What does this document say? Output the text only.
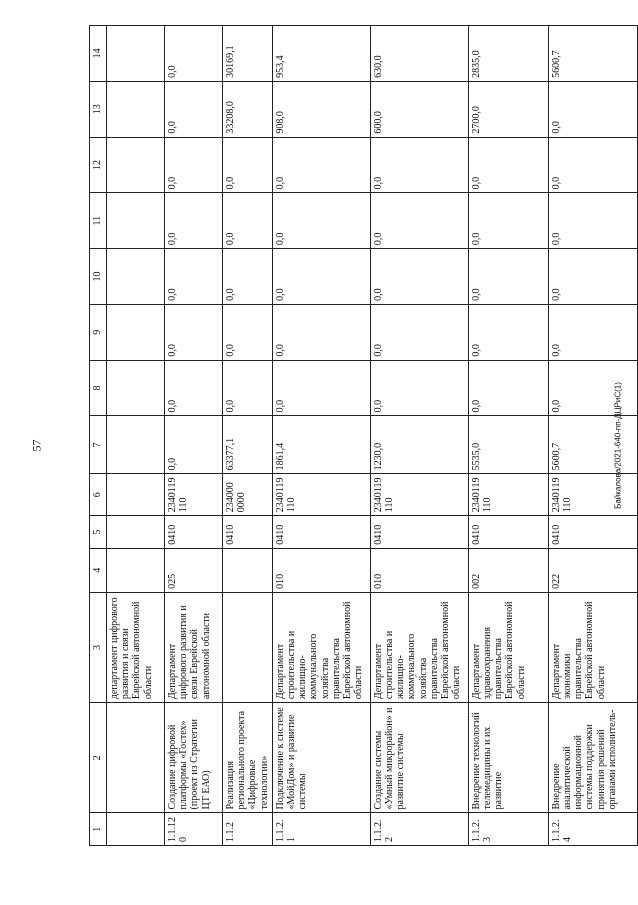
57	Байкалова/2021-640-пп-ДЦРиС(1)
1	2	3	4	5	6	7	8	9	10	11	12	13	14
		департамент цифрового развития и связи Еврейской автономной области											
1.1.120	Создание цифровой платформы «Гостех» (проект из Стратегии ЦТ ЕАО)	Департамент цифрового развития и связи Еврейской автономной области	025	0410	2340119110	0,0	0,0	0,0	0,0	0,0	0,0	0,0	0,0
1.1.2	Реализация регионального проекта «Цифровые технологии»			0410	2340000000	63377,1	0,0	0,0	0,0	0,0	0,0	33208,0	30169,1
1.1.2.1	Подключение к системе «МойДом» и развитие системы	Департамент строительства и жилищно-коммунального хозяйства правительства Еврейской автономной области	010	0410	2340119110	1861,4	0,0	0,0	0,0	0,0	0,0	908,0	953,4
1.1.2.2	Создание системы «Умный микрорайон» и развитие системы	Департамент строительства и жилищно-коммунального хозяйства правительства Еврейской автономной области	010	0410	2340119110	1230,0	0,0	0,0	0,0	0,0	0,0	600,0	630,0
1.1.2.3	Внедрение технологий телемедицины и их развитие	Департамент здравоохранения правительства Еврейской автономной области	002	0410	2340119110	5535,0	0,0	0,0	0,0	0,0	0,0	2700,0	2835,0
1.1.2.4	Внедрение аналитической информационной системы поддержки принятия решений органами исполнитель-	Департамент экономики правительства Еврейской автономной области	022	0410	2340119110	5600,7	0,0	0,0	0,0	0,0	0,0	0,0	5600,7
